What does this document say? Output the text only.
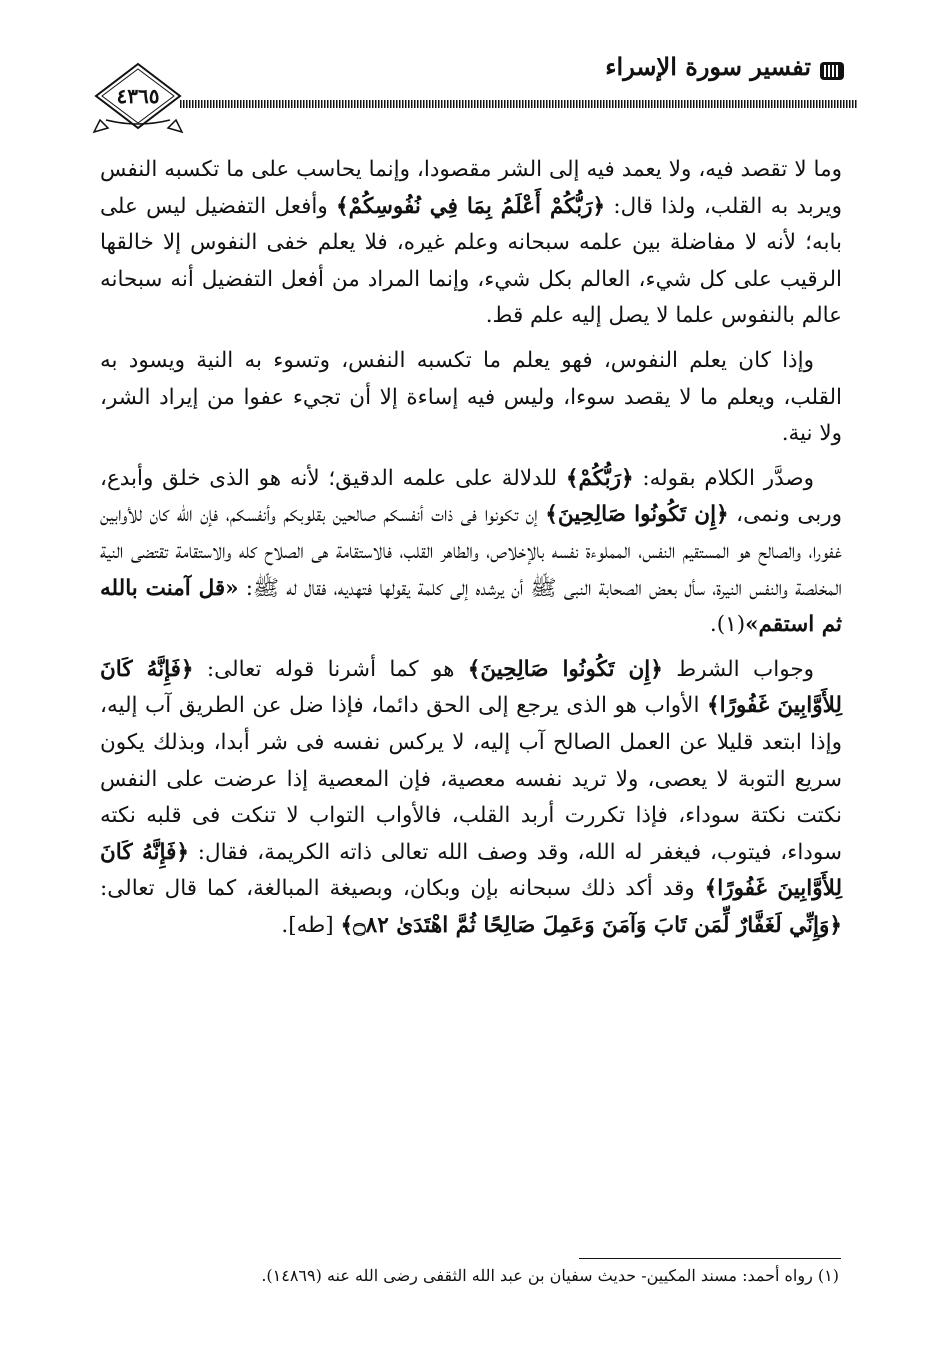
تفسير سورة الإسراء
٤٣٦٥

وما لا تقصد فيه، ولا يعمد فيه إلى الشر مقصودا، وإنما يحاسب على ما تكسبه النفس ويربد به القلب، ولذا قال: ﴿رَبُّكُمْ أَعْلَمُ بِمَا فِي نُفُوسِكُمْ﴾ وأفعل التفضيل ليس على بابه؛ لأنه لا مفاضلة بين علمه سبحانه وعلم غيره، فلا يعلم خفى النفوس إلا خالقها الرقيب على كل شيء، العالم بكل شيء، وإنما المراد من أفعل التفضيل أنه سبحانه عالم بالنفوس علما لا يصل إليه علم قط.

وإذا كان يعلم النفوس، فهو يعلم ما تكسبه النفس، وتسوء به النية ويسود به القلب، ويعلم ما لا يقصد سوءا، وليس فيه إساءة إلا أن تجيء عفوا من إيراد الشر، ولا نية.

وصدَّر الكلام بقوله: ﴿رَبُّكُمْ﴾ للدلالة على علمه الدقيق؛ لأنه هو الذى خلق وأبدع، وربى ونمى، ﴿إِن تَكُونُوا صَالِحِينَ﴾ إن تكونوا فى ذات أنفسكم صالحين بقلوبكم وأنفسكم، فإن الله كان للأوابين غفورا، والصالح هو المستقيم النفس، المملوءة نفسه بالإخلاص، والطاهر القلب، فالاستقامة هى الصلاح كله والاستقامة تقتضى النية المخلصة والنفس النيرة، سأل بعض الصحابة النبى ﷺ أن يرشده إلى كلمة يقولها فتهديه، فقال له ﷺ: «قل آمنت بالله ثم استقم»(١).

وجواب الشرط ﴿إِن تَكُونُوا صَالِحِينَ﴾ هو كما أشرنا قوله تعالى: ﴿فَإِنَّهُ كَانَ لِلأَوَّابِينَ غَفُورًا﴾ الأواب هو الذى يرجع إلى الحق دائما، فإذا ضل عن الطريق آب إليه، وإذا ابتعد قليلا عن العمل الصالح آب إليه، لا يركس نفسه فى شر أبدا، وبذلك يكون سريع التوبة لا يعصى، ولا تريد نفسه معصية، فإن المعصية إذا عرضت على النفس نكتت نكتة سوداء، فإذا تكررت أربد القلب، فالأواب التواب لا تنكت فى قلبه نكته سوداء، فيتوب، فيغفر له الله، وقد وصف الله تعالى ذاته الكريمة، فقال: ﴿فَإِنَّهُ كَانَ لِلأَوَّابِينَ غَفُورًا﴾ وقد أكد ذلك سبحانه بإن وبكان، وبصيغة المبالغة، كما قال تعالى: ﴿وَإِنِّي لَغَفَّارٌ لِّمَن تَابَ وَآمَنَ وَعَمِلَ صَالِحًا ثُمَّ اهْتَدَىٰ ۝٨٢﴾ [طه].

(١) رواه أحمد: مسند المكيين- حديث سفيان بن عبد الله الثقفى رضى الله عنه (١٤٨٦٩).
